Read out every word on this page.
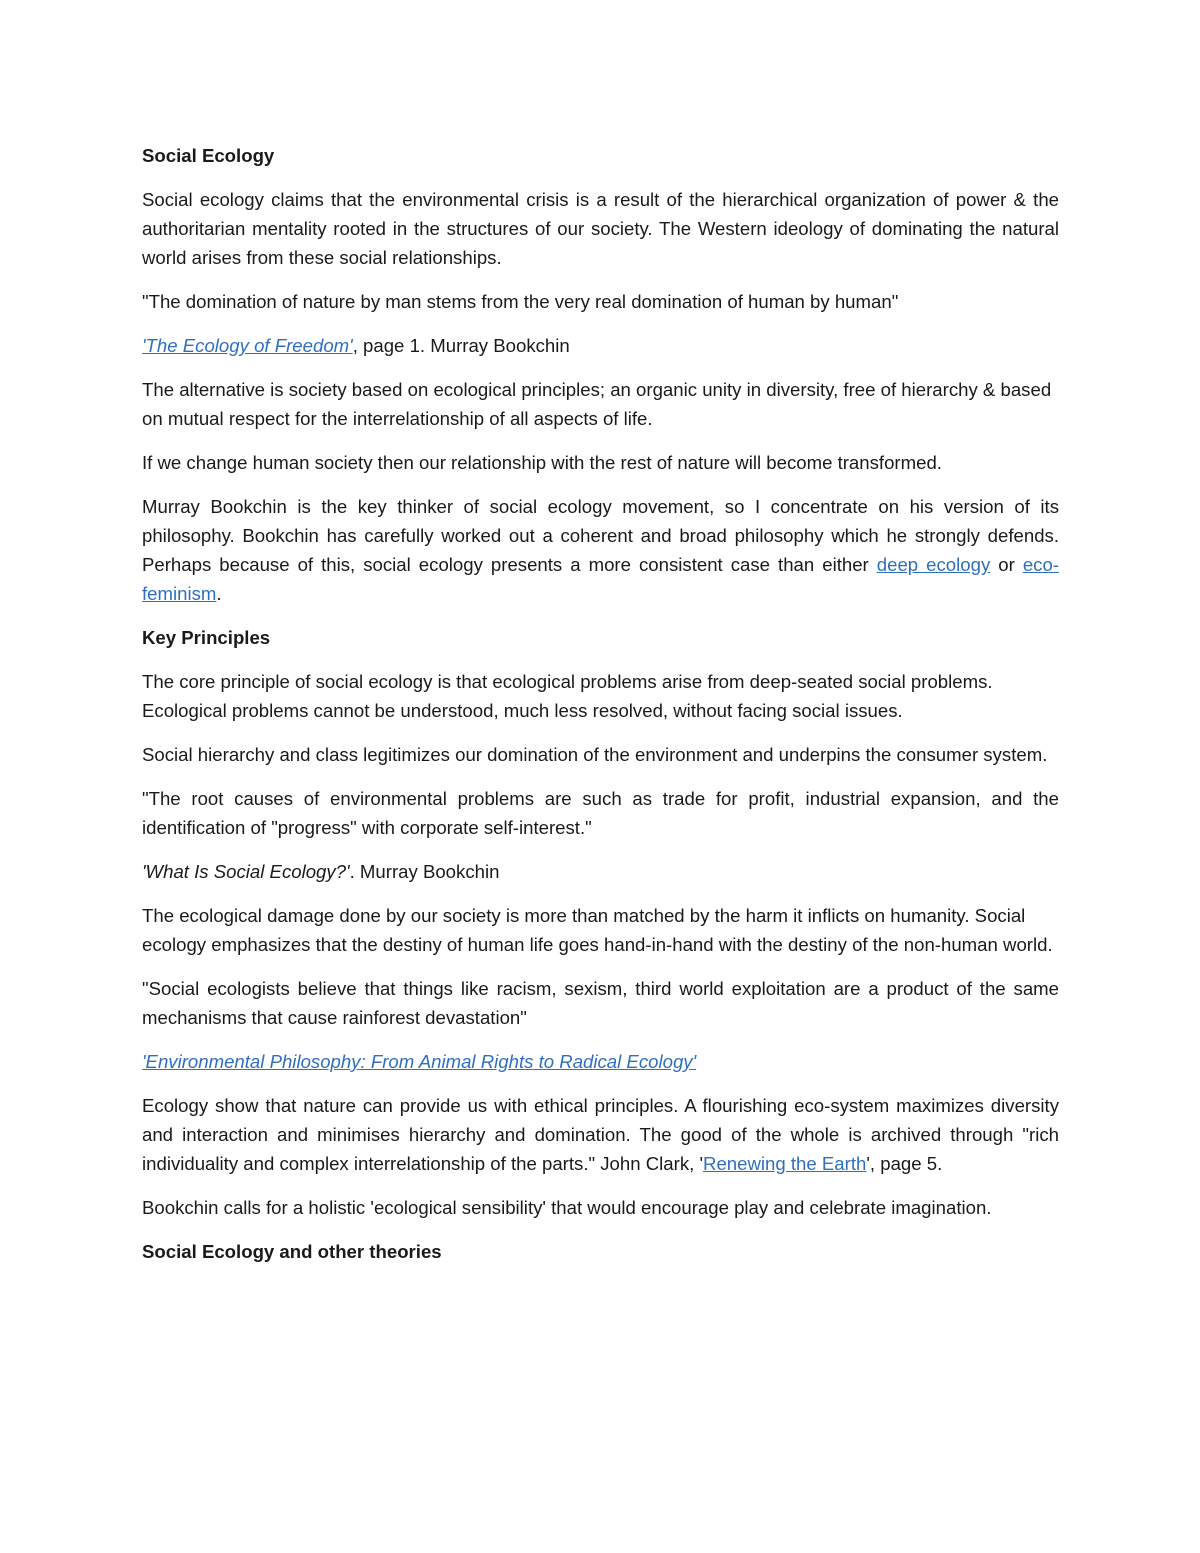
Social Ecology

Social ecology claims that the environmental crisis is a result of the hierarchical organization of power & the authoritarian mentality rooted in the structures of our society. The Western ideology of dominating the natural world arises from these social relationships.

"The domination of nature by man stems from the very real domination of human by human"

'The Ecology of Freedom', page 1. Murray Bookchin

The alternative is society based on ecological principles; an organic unity in diversity, free of hierarchy & based on mutual respect for the interrelationship of all aspects of life.

If we change human society then our relationship with the rest of nature will become transformed.

Murray Bookchin is the key thinker of social ecology movement, so I concentrate on his version of its philosophy. Bookchin has carefully worked out a coherent and broad philosophy which he strongly defends. Perhaps because of this, social ecology presents a more consistent case than either deep ecology or eco-feminism.

Key Principles

The core principle of social ecology is that ecological problems arise from deep-seated social problems. Ecological problems cannot be understood, much less resolved, without facing social issues.

Social hierarchy and class legitimizes our domination of the environment and underpins the consumer system.

"The root causes of environmental problems are such as trade for profit, industrial expansion, and the identification of "progress" with corporate self-interest."

'What Is Social Ecology?'. Murray Bookchin

The ecological damage done by our society is more than matched by the harm it inflicts on humanity. Social ecology emphasizes that the destiny of human life goes hand-in-hand with the destiny of the non-human world.

"Social ecologists believe that things like racism, sexism, third world exploitation are a product of the same mechanisms that cause rainforest devastation"

'Environmental Philosophy: From Animal Rights to Radical Ecology'

Ecology show that nature can provide us with ethical principles. A flourishing eco-system maximizes diversity and interaction and minimises hierarchy and domination. The good of the whole is archived through "rich individuality and complex interrelationship of the parts." John Clark, 'Renewing the Earth', page 5.

Bookchin calls for a holistic 'ecological sensibility' that would encourage play and celebrate imagination.

Social Ecology and other theories
